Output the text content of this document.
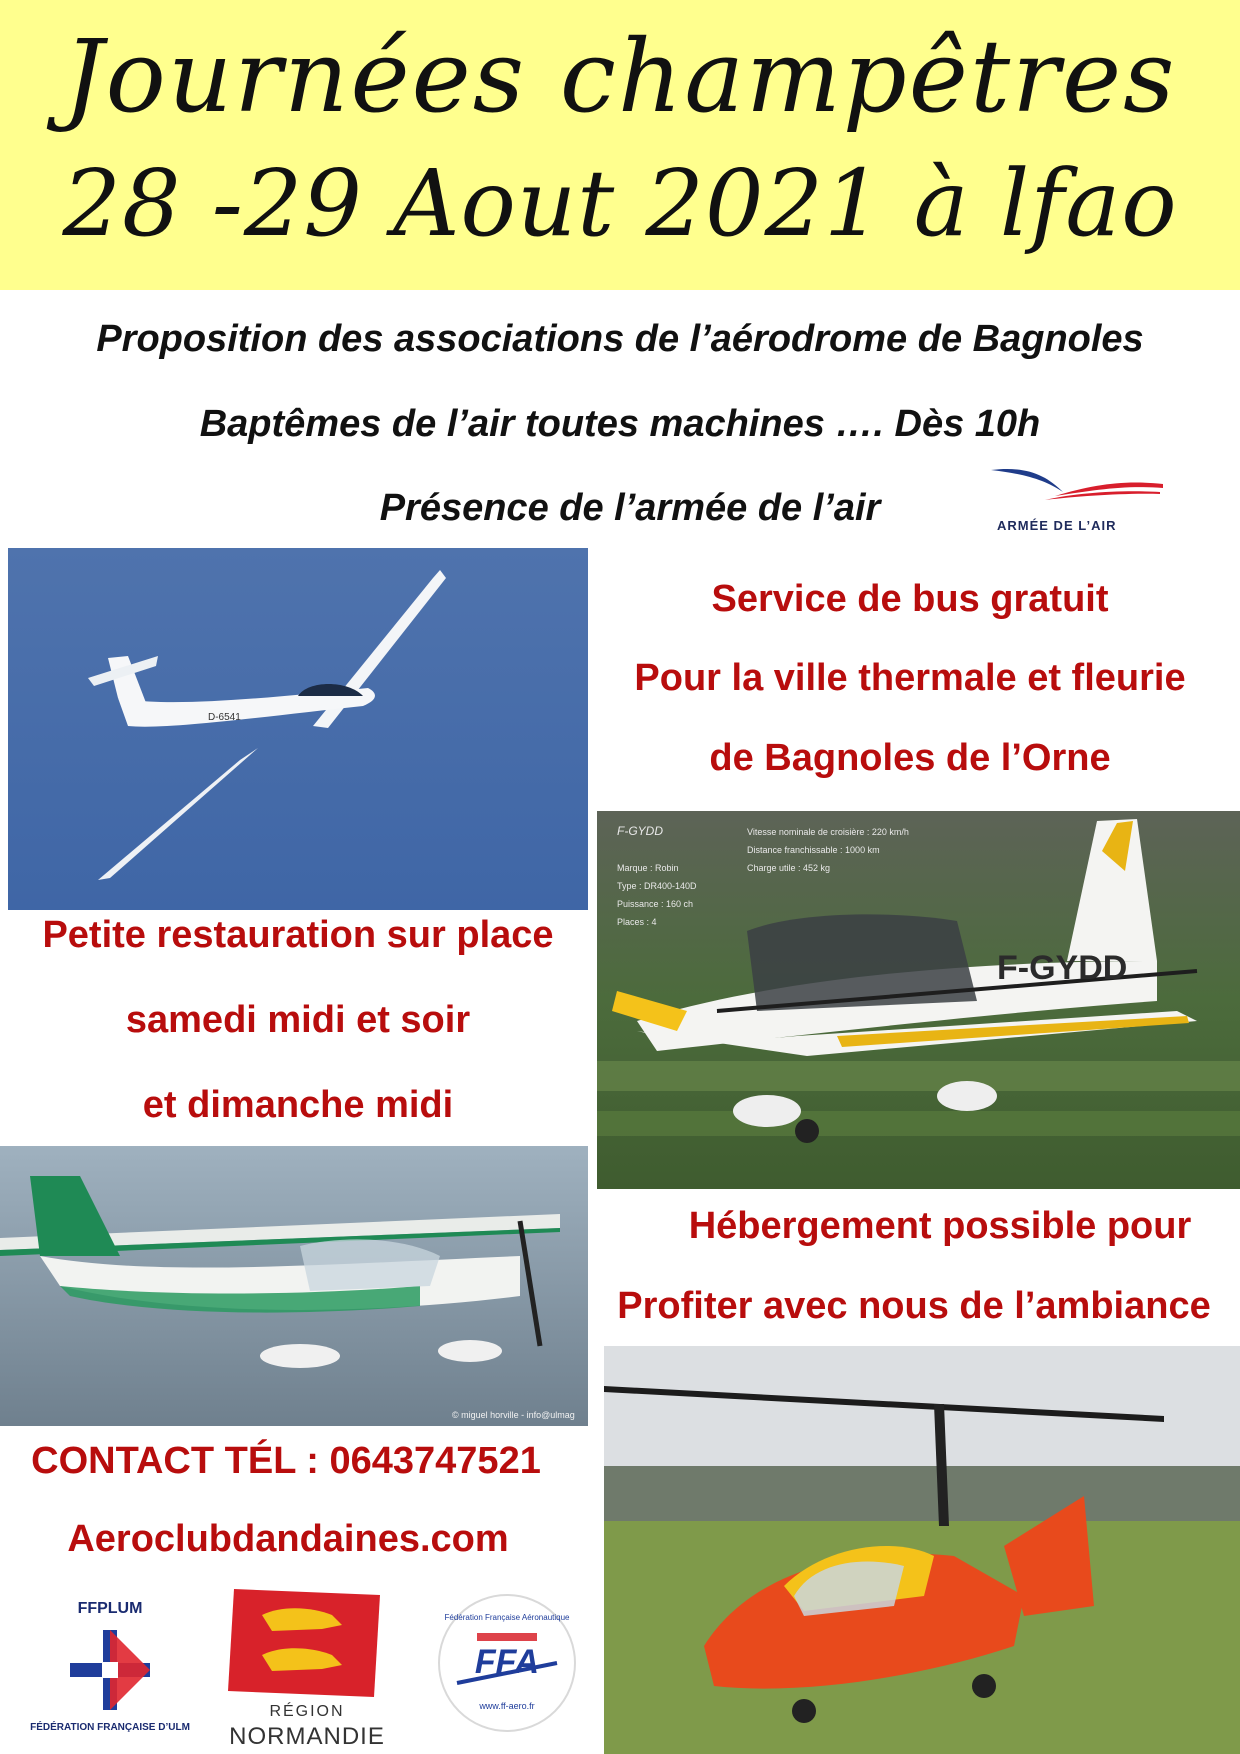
Journées champêtres
28 -29 Aout 2021 à lfao
Proposition des associations de l’aérodrome de Bagnoles
Baptêmes de l’air toutes machines …. Dès 10h
Présence de l’armée de l’air	ARMÉE DE L’AIR
D-6541
Service de bus gratuit
Pour la ville thermale et fleurie
de Bagnoles de l’Orne
F-GYDD
F-GYDD	Vitesse nominale de croisière : 220 km/h
Distance franchissable : 1000 km
Charge utile : 452 kg
Marque : Robin
Type : DR400-140D
Puissance : 160 ch
Places : 4
Petite restauration sur place
samedi midi et soir
et dimanche midi
© miguel horville - info@ulmag
Hébergement possible pour
Profiter avec nous de l’ambiance
CONTACT TÉL : 0643747521
Aeroclubdandaines.com
FFPLUM
FÉDÉRATION FRANÇAISE D’ULM
RÉGION
NORMANDIE
Fédération Française Aéronautique
FFA
www.ff-aero.fr
